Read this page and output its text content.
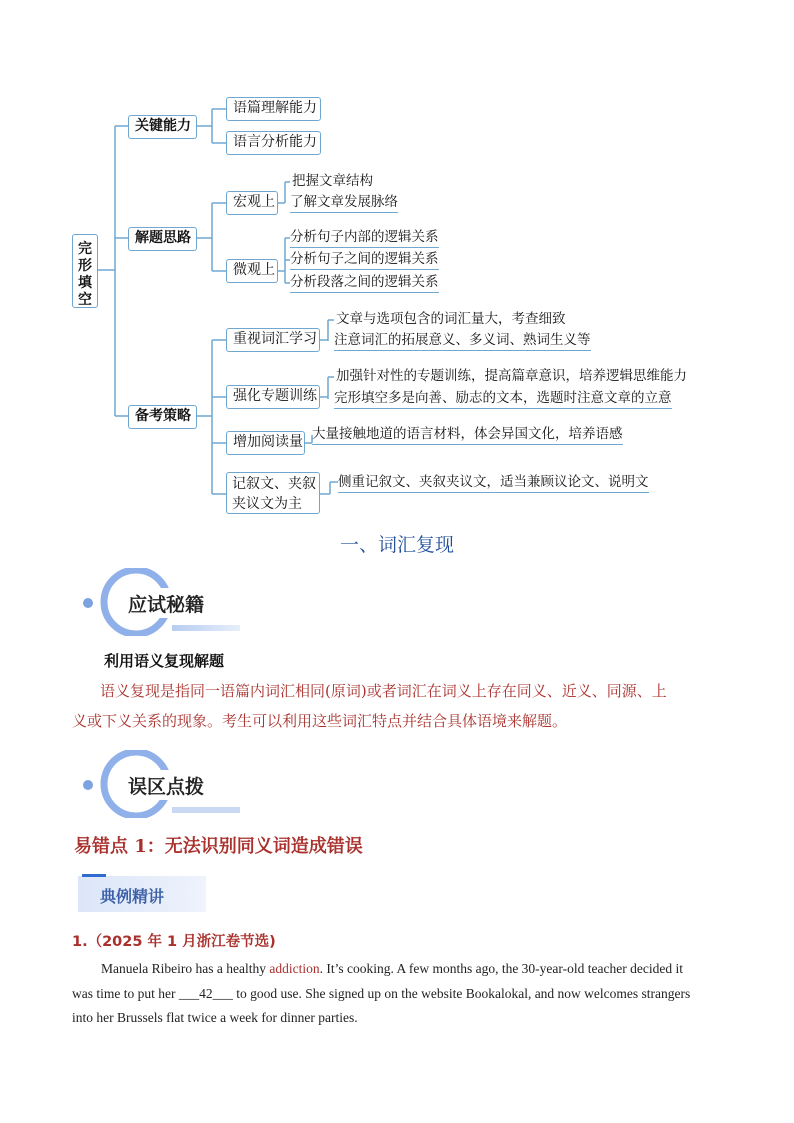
完形填空
关键能力
语篇理解能力
语言分析能力
解题思路
宏观上
把握文章结构
了解文章发展脉络
微观上
分析句子内部的逻辑关系
分析句子之间的逻辑关系
分析段落之间的逻辑关系
备考策略
重视词汇学习
文章与选项包含的词汇量大，考查细致
注意词汇的拓展意义、多义词、熟词生义等
强化专题训练
加强针对性的专题训练，提高篇章意识，培养逻辑思维能力
完形填空多是向善、励志的文本，选题时注意文章的立意
增加阅读量 大量接触地道的语言材料，体会异国文化，培养语感
记叙文、夹叙
夹议文为主
侧重记叙文、夹叙夹议文，适当兼顾议论文、说明文
一、词汇复现
应试秘籍
利用语义复现解题
语义复现是指同一语篇内词汇相同(原词)或者词汇在词义上存在同义、近义、同源、上
义或下义关系的现象。考生可以利用这些词汇特点并结合具体语境来解题。
误区点拨
易错点 1：无法识别同义词造成错误
典例精讲
1.（2025 年 1 月浙江卷节选)
Manuela Ribeiro has a healthy addiction. It’s cooking. A few months ago, the 30-year-old teacher decided it
was time to put her ___42___ to good use. She signed up on the website Bookalokal, and now welcomes strangers
into her Brussels flat twice a week for dinner parties.
